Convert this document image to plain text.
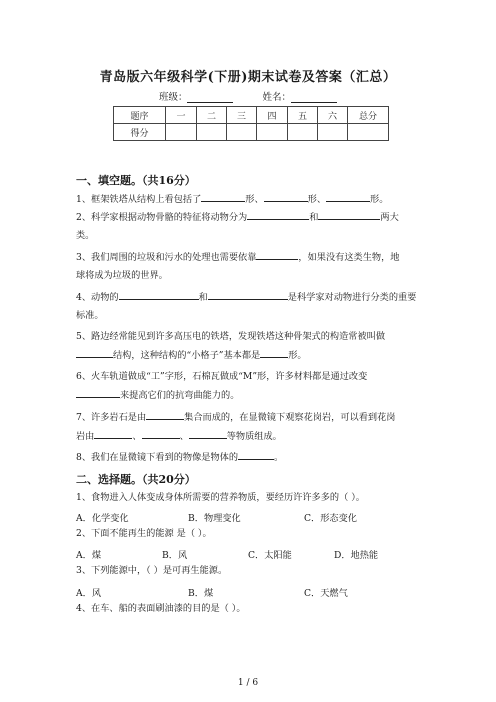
青岛版六年级科学(下册)期末试卷及答案（汇总）
班级：	姓名：
题序	一	二	三	四	五	六	总分
得分							
一、填空题。（共16分）
1、框架铁塔从结构上看包括了	形、	形、	形。
2、科学家根据动物骨骼的特征将动物分为	和	两大
类。
3、我们周围的垃圾和污水的处理也需要依靠	，如果没有这类生物，地
球将成为垃圾的世界。
4、动物的	和	是科学家对动物进行分类的重要
标准。
5、路边经常能见到许多高压电的铁塔，发现铁塔这种骨架式的构造常被叫做
结构，这种结构的“小格子”基本都是	形。
6、火车轨道做成“工”字形，石棉瓦做成“M”形，许多材料都是通过改变
来提高它们的抗弯曲能力的。
7、许多岩石是由	集合而成的，在显微镜下观察花岗岩，可以看到花岗
岩由	、	、	等物质组成。
8、我们在显微镜下看到的物像是物体的	。
二、选择题。（共20分）
1、食物进入人体变成身体所需要的营养物质，要经历许许多多的（ ）。
A．化学变化	B．物理变化	C．形态变化
2、下面不能再生的能源 是（ ）。
A．煤	B．风	C．太阳能	D．地热能
3、下列能源中，（ ）是可再生能源。
A．风	B．煤	C．天燃气
4、在车、船的表面刷油漆的目的是（ ）。
1 / 6
